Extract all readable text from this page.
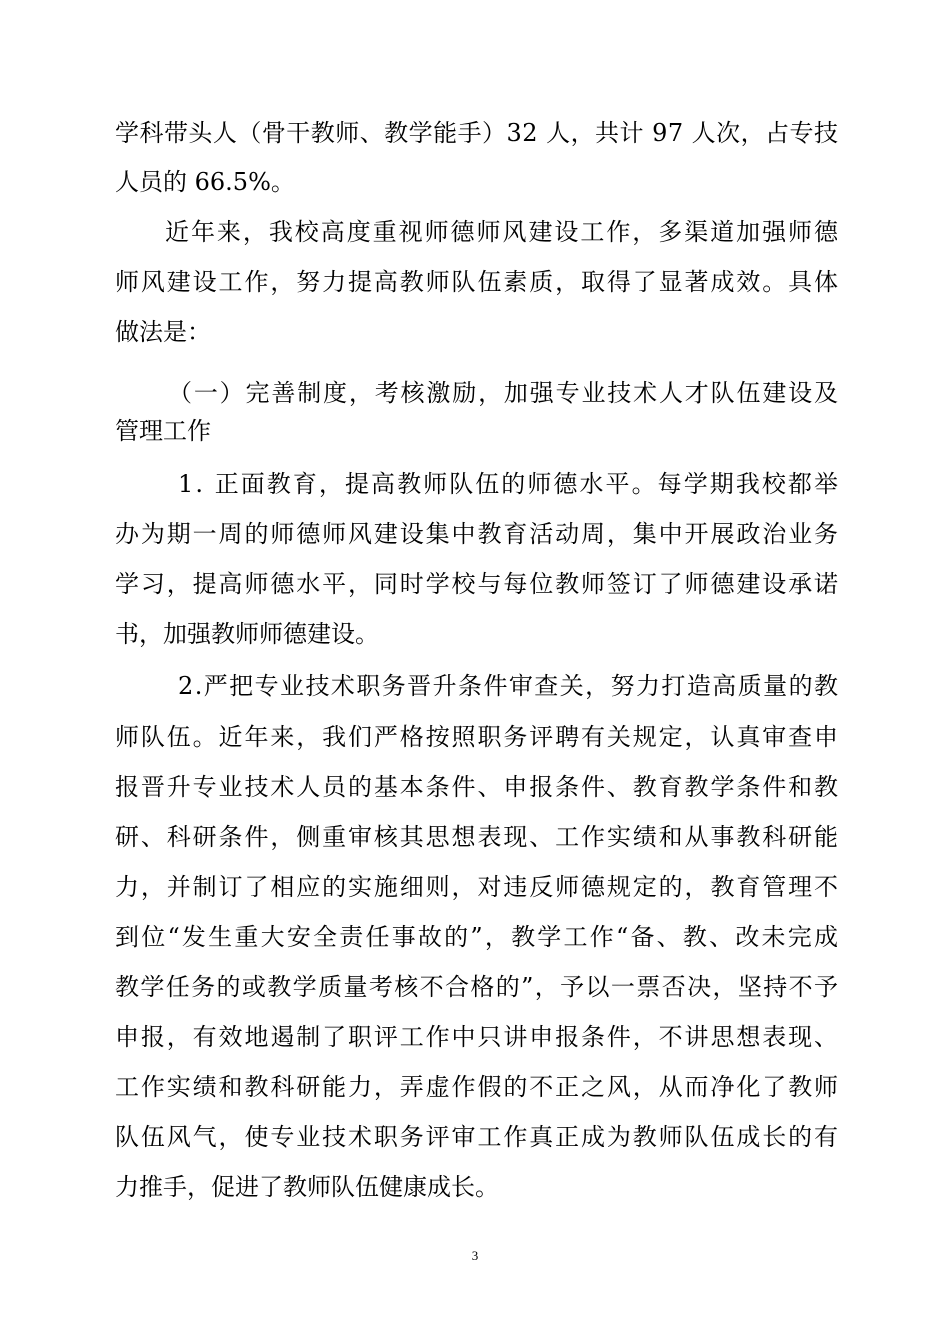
学科带头人（骨干教师、教学能手）32 人，共计 97 人次，占专技

人员的 66.5%。

近年来，我校高度重视师德师风建设工作，多渠道加强师德

师风建设工作，努力提高教师队伍素质，取得了显著成效。具体

做法是：

（一）完善制度，考核激励，加强专业技术人才队伍建设及

管理工作

1. 正面教育，提高教师队伍的师德水平。每学期我校都举

办为期一周的师德师风建设集中教育活动周，集中开展政治业务

学习，提高师德水平，同时学校与每位教师签订了师德建设承诺

书，加强教师师德建设。

2.严把专业技术职务晋升条件审查关，努力打造高质量的教

师队伍。近年来，我们严格按照职务评聘有关规定，认真审查申

报晋升专业技术人员的基本条件、申报条件、教育教学条件和教

研、科研条件，侧重审核其思想表现、工作实绩和从事教科研能

力，并制订了相应的实施细则，对违反师德规定的，教育管理不

到位“发生重大安全责任事故的”，教学工作“备、教、改未完成

教学任务的或教学质量考核不合格的”，予以一票否决，坚持不予

申报，有效地遏制了职评工作中只讲申报条件，不讲思想表现、

工作实绩和教科研能力，弄虚作假的不正之风，从而净化了教师

队伍风气，使专业技术职务评审工作真正成为教师队伍成长的有

力推手，促进了教师队伍健康成长。

3
